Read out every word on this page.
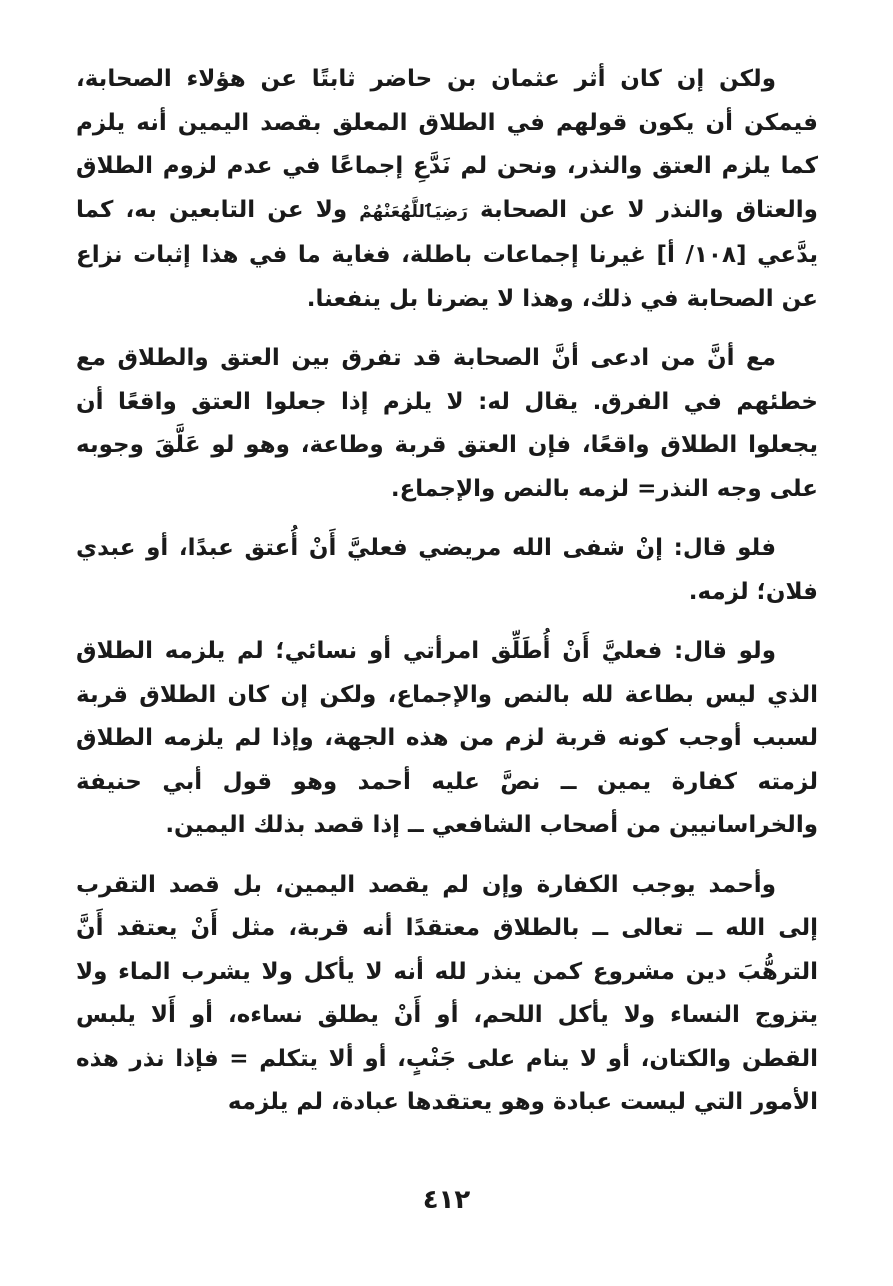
ولكن إن كان أثر عثمان بن حاضر ثابتًا عن هؤلاء الصحابة، فيمكن أن يكون قولهم في الطلاق المعلق بقصد اليمين أنه يلزم كما يلزم العتق والنذر، ونحن لم نَدَّعِ إجماعًا في عدم لزوم الطلاق والعتاق والنذر لا عن الصحابة رَضِيَٱللَّهُعَنْهُمْ ولا عن التابعين به، كما يدَّعي [١٠٨/ أ] غيرنا إجماعات باطلة، فغاية ما في هذا إثبات نزاع عن الصحابة في ذلك، وهذا لا يضرنا بل ينفعنا.
مع أنَّ من ادعى أنَّ الصحابة قد تفرق بين العتق والطلاق مع خطئهم في الفرق. يقال له: لا يلزم إذا جعلوا العتق واقعًا أن يجعلوا الطلاق واقعًا، فإن العتق قربة وطاعة، وهو لو عَلَّقَ وجوبه على وجه النذر= لزمه بالنص والإجماع.
فلو قال: إنْ شفى الله مريضي فعليَّ أَنْ أُعتق عبدًا، أو عبدي فلان؛ لزمه.
ولو قال: فعليَّ أَنْ أُطَلِّق امرأتي أو نسائي؛ لم يلزمه الطلاق الذي ليس بطاعة لله بالنص والإجماع، ولكن إن كان الطلاق قربة لسبب أوجب كونه قربة لزم من هذه الجهة، وإذا لم يلزمه الطلاق لزمته كفارة يمين ــ نصَّ عليه أحمد وهو قول أبي حنيفة والخراسانيين من أصحاب الشافعي ــ إذا قصد بذلك اليمين.
وأحمد يوجب الكفارة وإن لم يقصد اليمين، بل قصد التقرب إلى الله ــ تعالى ــ بالطلاق معتقدًا أنه قربة، مثل أَنْ يعتقد أَنَّ الترهُّبَ دين مشروع كمن ينذر لله أنه لا يأكل ولا يشرب الماء ولا يتزوج النساء ولا يأكل اللحم، أو أَنْ يطلق نساءه، أو أَلا يلبس القطن والكتان، أو لا ينام على جَنْبٍ، أو ألا يتكلم = فإذا نذر هذه الأمور التي ليست عبادة وهو يعتقدها عبادة، لم يلزمه
٤١٢
